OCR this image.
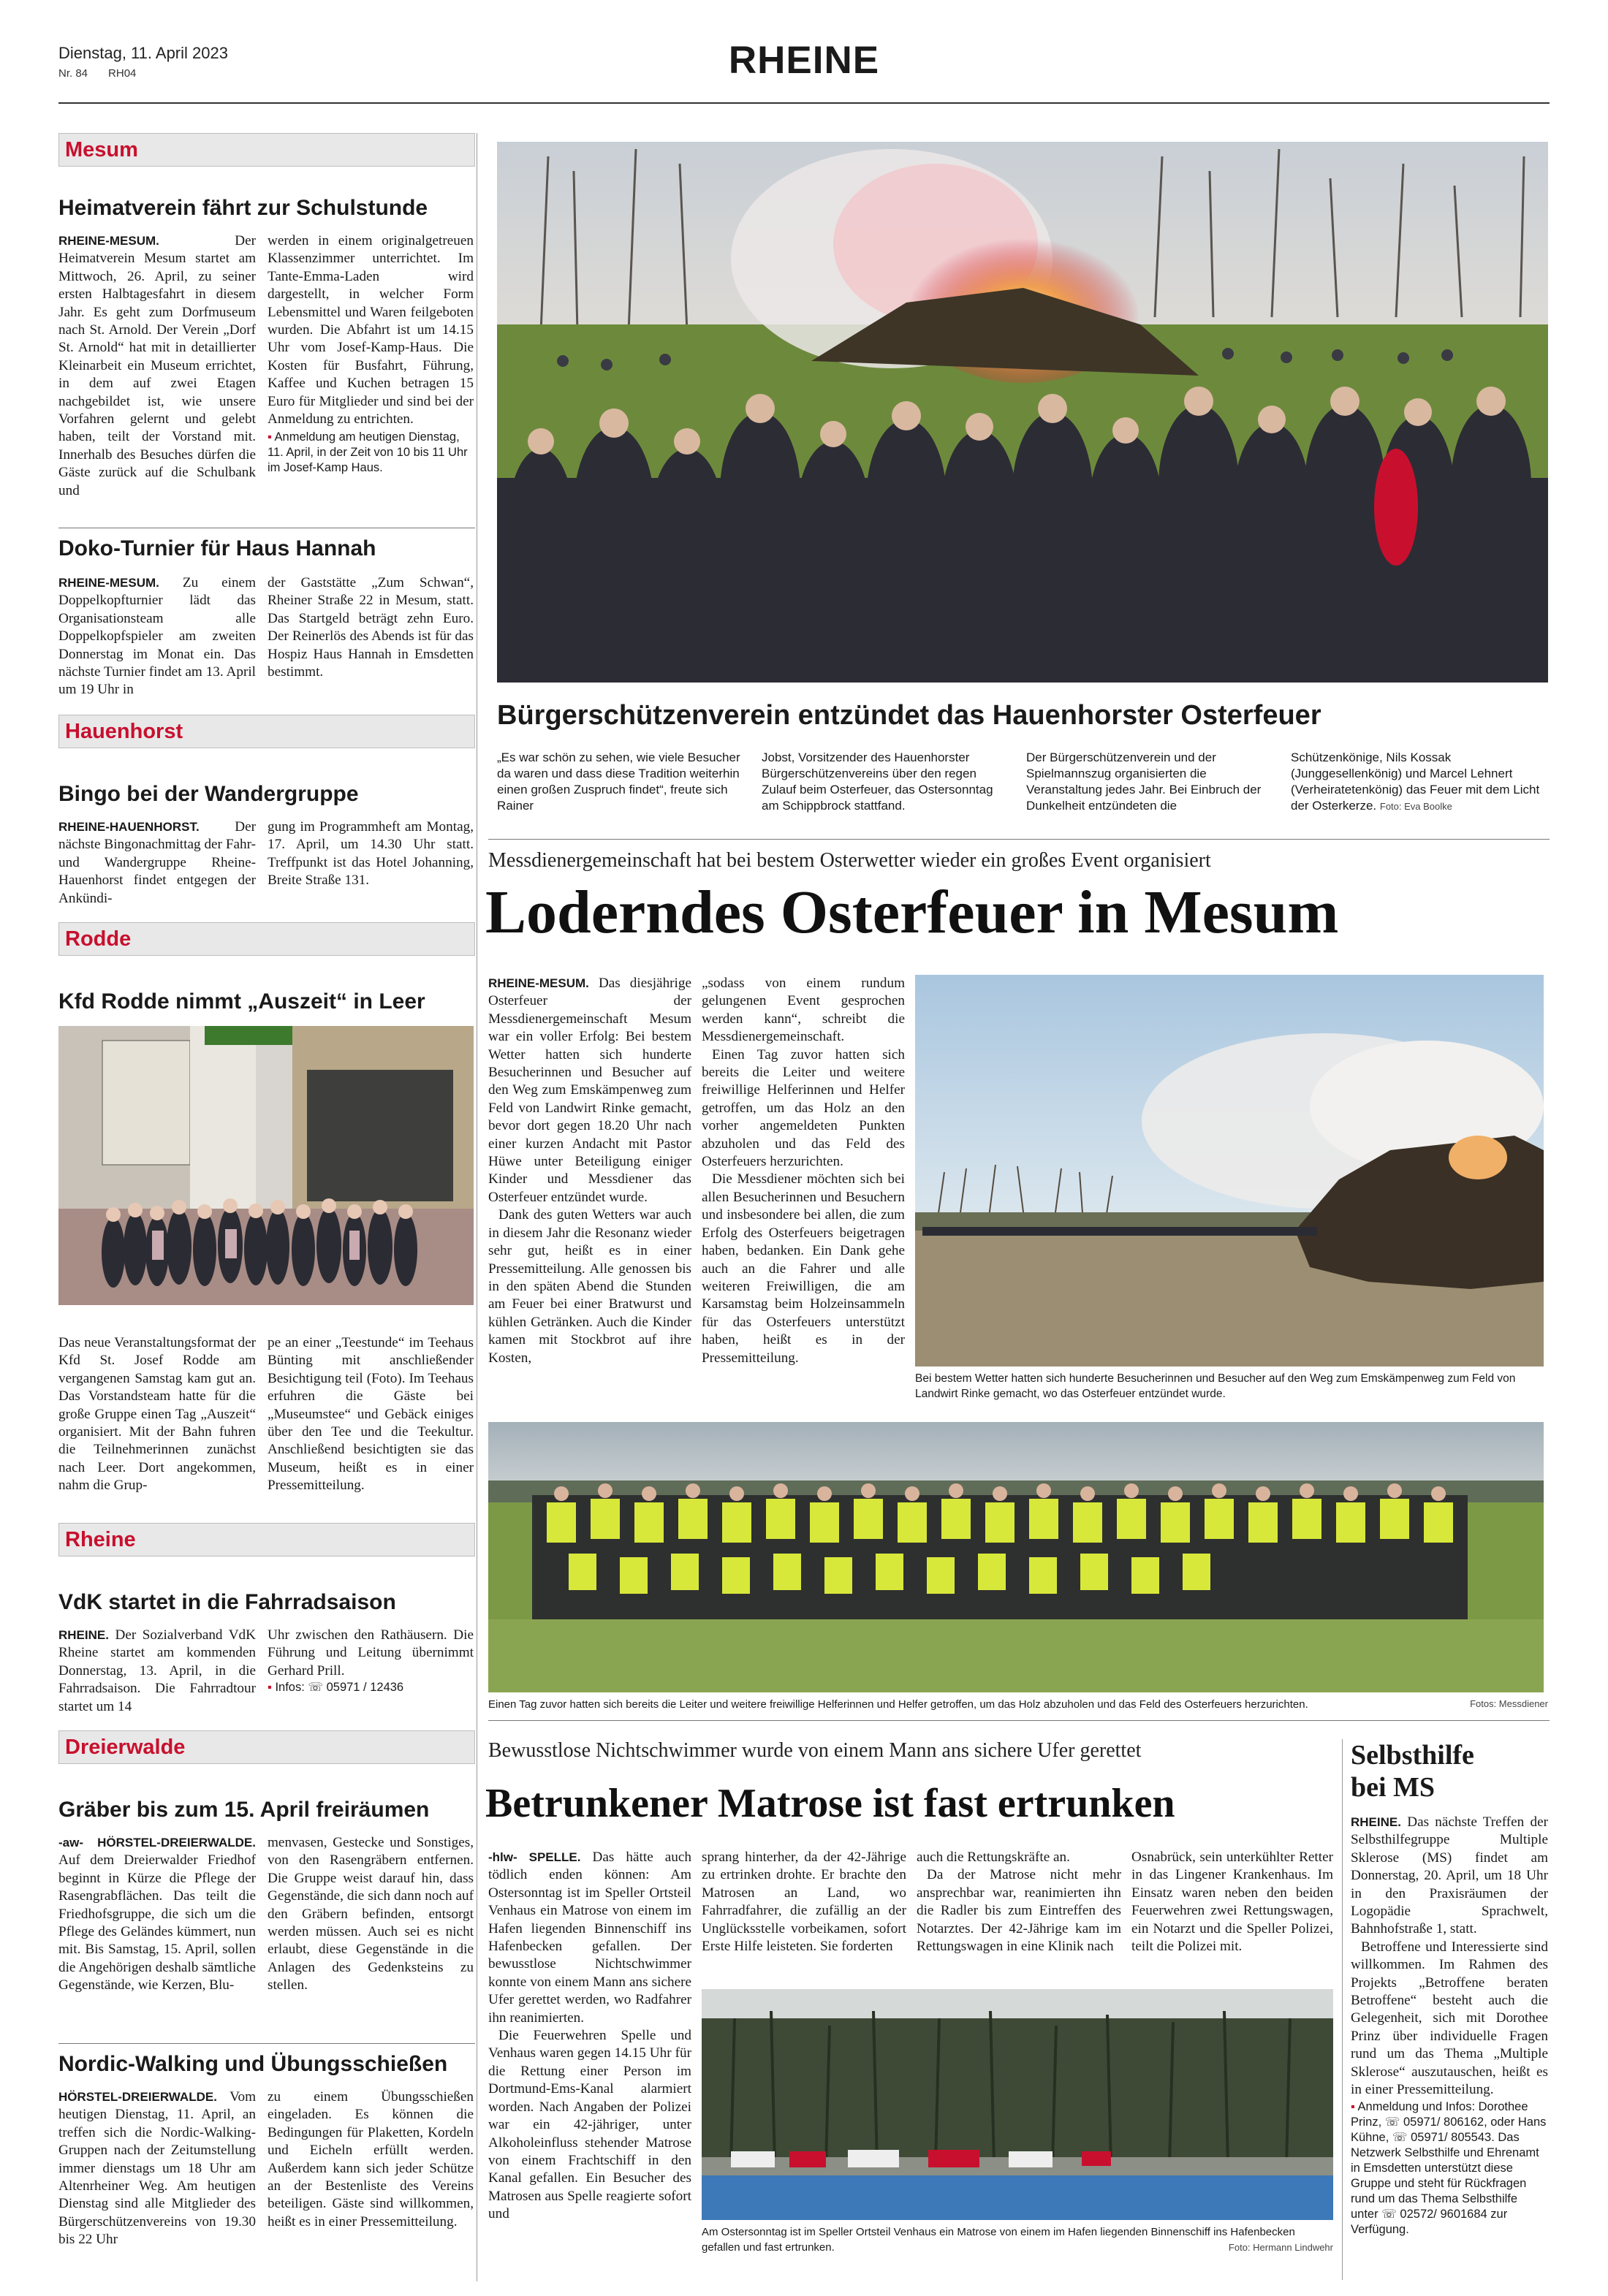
Dienstag, 11. April 2023
Nr. 84 RH04	RHEINE
Mesum
Heimatverein fährt zur Schulstunde
RHEINE-MESUM. Der Heimatverein Mesum startet am Mittwoch, 26. April, zu seiner ersten Halbtagesfahrt in diesem Jahr. Es geht zum Dorfmuseum nach St. Arnold. Der Verein „Dorf St. Arnold“ hat mit in detaillierter Kleinarbeit ein Museum errichtet, in dem auf zwei Etagen nachgebildet ist, wie unsere Vorfahren gelernt und gelebt haben, teilt der Vorstand mit. Innerhalb des Besuches dürfen die Gäste zurück auf die Schulbank und
werden in einem originalgetreuen Klassenzimmer unterrichtet. Im Tante-Emma-Laden wird dargestellt, in welcher Form Lebensmittel und Waren feilgeboten wurden. Die Abfahrt ist um 14.15 Uhr vom Josef-Kamp-Haus. Die Kosten für Busfahrt, Führung, Kaffee und Kuchen betragen 15 Euro für Mitglieder und sind bei der Anmeldung zu entrichten.
▪ Anmeldung am heutigen Dienstag, 11. April, in der Zeit von 10 bis 11 Uhr im Josef-Kamp Haus.
Doko-Turnier für Haus Hannah
RHEINE-MESUM. Zu einem Doppelkopfturnier lädt das Organisationsteam alle Doppelkopfspieler am zweiten Donnerstag im Monat ein. Das nächste Turnier findet am 13. April um 19 Uhr in
der Gaststätte „Zum Schwan“, Rheiner Straße 22 in Mesum, statt. Das Startgeld beträgt zehn Euro. Der Reinerlös des Abends ist für das Hospiz Haus Hannah in Emsdetten bestimmt.
Hauenhorst
Bingo bei der Wandergruppe
RHEINE-HAUENHORST. Der nächste Bingonachmittag der Fahr- und Wandergruppe Rheine-Hauenhorst findet entgegen der Ankündi-
gung im Programmheft am Montag, 17. April, um 14.30 Uhr statt. Treffpunkt ist das Hotel Johanning, Breite Straße 131.
Rodde
Kfd Rodde nimmt „Auszeit“ in Leer
Das neue Veranstaltungsformat der Kfd St. Josef Rodde am vergangenen Samstag kam gut an. Das Vorstandsteam hatte für die große Gruppe einen Tag „Auszeit“ organisiert. Mit der Bahn fuhren die Teilnehmerinnen zunächst nach Leer. Dort angekommen, nahm die Grup-
pe an einer „Teestunde“ im Teehaus Bünting mit anschließender Besichtigung teil (Foto). Im Teehaus erfuhren die Gäste bei „Museumstee“ und Gebäck einiges über den Tee und die Teekultur. Anschließend besichtigten sie das Museum, heißt es in einer Pressemitteilung.
Rheine
VdK startet in die Fahrradsaison
RHEINE. Der Sozialverband VdK Rheine startet am kommenden Donnerstag, 13. April, in die Fahrradsaison. Die Fahrradtour startet um 14
Uhr zwischen den Rathäusern. Die Führung und Leitung übernimmt Gerhard Prill.
▪ Infos: ☏ 05971 / 12436
Dreierwalde
Gräber bis zum 15. April freiräumen
-aw- HÖRSTEL-DREIERWALDE. Auf dem Dreierwalder Friedhof beginnt in Kürze die Pflege der Rasengrabflächen. Das teilt die Friedhofsgruppe, die sich um die Pflege des Geländes kümmert, nun mit. Bis Samstag, 15. April, sollen die Angehörigen deshalb sämtliche Gegenstände, wie Kerzen, Blu-
menvasen, Gestecke und Sonstiges, von den Rasengräbern entfernen. Die Gruppe weist darauf hin, dass Gegenstände, die sich dann noch auf den Gräbern befinden, entsorgt werden müssen. Auch sei es nicht erlaubt, diese Gegenstände in die Anlagen des Gedenksteins zu stellen.
Nordic-Walking und Übungsschießen
HÖRSTEL-DREIERWALDE. Vom heutigen Dienstag, 11. April, an treffen sich die Nordic-Walking-Gruppen nach der Zeitumstellung immer dienstags um 18 Uhr am Altenrheiner Weg. Am heutigen Dienstag sind alle Mitglieder des Bürgerschützenvereins von 19.30 bis 22 Uhr
zu einem Übungsschießen eingeladen. Es können die Bedingungen für Plaketten, Kordeln und Eicheln erfüllt werden. Außerdem kann sich jeder Schütze an der Bestenliste des Vereins beteiligen. Gäste sind willkommen, heißt es in einer Pressemitteilung.
Bürgerschützenverein entzündet das Hauenhorster Osterfeuer
„Es war schön zu sehen, wie viele Besucher da waren und dass diese Tradition weiterhin einen großen Zuspruch findet“, freute sich Rainer
Jobst, Vorsitzender des Hauenhorster Bürgerschützenvereins über den regen Zulauf beim Osterfeuer, das Ostersonntag am Schippbrock stattfand.
Der Bürgerschützenverein und der Spielmannszug organisierten die Veranstaltung jedes Jahr. Bei Einbruch der Dunkelheit entzündeten die
Schützenkönige, Nils Kossak (Junggesellenkönig) und Marcel Lehnert (Verheiratetenkönig) das Feuer mit dem Licht der Osterkerze. Foto: Eva Boolke
Messdienergemeinschaft hat bei bestem Osterwetter wieder ein großes Event organisiert
Loderndes Osterfeuer in Mesum
RHEINE-MESUM. Das diesjährige Osterfeuer der Messdienergemeinschaft Mesum war ein voller Erfolg: Bei bestem Wetter hatten sich hunderte Besucherinnen und Besucher auf den Weg zum Emskämpenweg zum Feld von Landwirt Rinke gemacht, bevor dort gegen 18.20 Uhr nach einer kurzen Andacht mit Pastor Hüwe unter Beteiligung einiger Kinder und Messdiener das Osterfeuer entzündet wurde.
Dank des guten Wetters war auch in diesem Jahr die Resonanz wieder sehr gut, heißt es in einer Pressemitteilung. Alle genossen bis in den späten Abend die Stunden am Feuer bei einer Bratwurst und kühlen Getränken. Auch die Kinder kamen mit Stockbrot auf ihre Kosten,
„sodass von einem rundum gelungenen Event gesprochen werden kann“, schreibt die Messdienergemeinschaft.
Einen Tag zuvor hatten sich bereits die Leiter und weitere freiwillige Helferinnen und Helfer getroffen, um das Holz an den vorher angemeldeten Punkten abzuholen und das Feld des Osterfeuers herzurichten.
Die Messdiener möchten sich bei allen Besucherinnen und Besuchern und insbesondere bei allen, die zum Erfolg des Osterfeuers beigetragen haben, bedanken. Ein Dank gehe auch an die Fahrer und alle weiteren Freiwilligen, die am Karsamstag beim Holzeinsammeln für das Osterfeuers unterstützt haben, heißt es in der Pressemitteilung.
Bei bestem Wetter hatten sich hunderte Besucherinnen und Besucher auf den Weg zum Emskämpenweg zum Feld von Landwirt Rinke gemacht, wo das Osterfeuer entzündet wurde.
Einen Tag zuvor hatten sich bereits die Leiter und weitere freiwillige Helferinnen und Helfer getroffen, um das Holz abzuholen und das Feld des Osterfeuers herzurichten.	Fotos: Messdiener
Bewusstlose Nichtschwimmer wurde von einem Mann ans sichere Ufer gerettet
Betrunkener Matrose ist fast ertrunken
-hlw- SPELLE. Das hätte auch tödlich enden können: Am Ostersonntag ist im Speller Ortsteil Venhaus ein Matrose von einem im Hafen liegenden Binnenschiff ins Hafenbecken gefallen. Der bewusstlose Nichtschwimmer konnte von einem Mann ans sichere Ufer gerettet werden, wo Radfahrer ihn reanimierten.
Die Feuerwehren Spelle und Venhaus waren gegen 14.15 Uhr für die Rettung einer Person im Dortmund-Ems-Kanal alarmiert worden. Nach Angaben der Polizei war ein 42-jähriger, unter Alkoholeinfluss stehender Matrose von einem Frachtschiff in den Kanal gefallen. Ein Besucher des Matrosen aus Spelle reagierte sofort und
sprang hinterher, da der 42-Jährige zu ertrinken drohte. Er brachte den Matrosen an Land, wo Fahrradfahrer, die zufällig an der Unglücksstelle vorbeikamen, sofort Erste Hilfe leisteten. Sie forderten
auch die Rettungskräfte an.
Da der Matrose nicht mehr ansprechbar war, reanimierten ihn die Radler bis zum Eintreffen des Notarztes. Der 42-Jährige kam im Rettungswagen in eine Klinik nach
Osnabrück, sein unterkühlter Retter in das Lingener Krankenhaus. Im Einsatz waren neben den beiden Feuerwehren zwei Rettungswagen, ein Notarzt und die Speller Polizei, teilt die Polizei mit.
Am Ostersonntag ist im Speller Ortsteil Venhaus ein Matrose von einem im Hafen liegenden Binnenschiff ins Hafenbecken gefallen und fast ertrunken.	Foto: Hermann Lindwehr
Selbsthilfe
bei MS
RHEINE. Das nächste Treffen der Selbsthilfegruppe Multiple Sklerose (MS) findet am Donnerstag, 20. April, um 18 Uhr in den Praxisräumen der Logopädie Sprachwelt, Bahnhofstraße 1, statt.
Betroffene und Interessierte sind willkommen. Im Rahmen des Projekts „Betroffene beraten Betroffene“ besteht auch die Gelegenheit, sich mit Dorothee Prinz über individuelle Fragen rund um das Thema „Multiple Sklerose“ auszutauschen, heißt es in einer Pressemitteilung.
▪ Anmeldung und Infos: Dorothee Prinz, ☏ 05971/ 806162, oder Hans Kühne, ☏ 05971/ 805543. Das Netzwerk Selbsthilfe und Ehrenamt in Emsdetten unterstützt diese Gruppe und steht für Rückfragen rund um das Thema Selbsthilfe unter ☏ 02572/ 9601684 zur Verfügung.
